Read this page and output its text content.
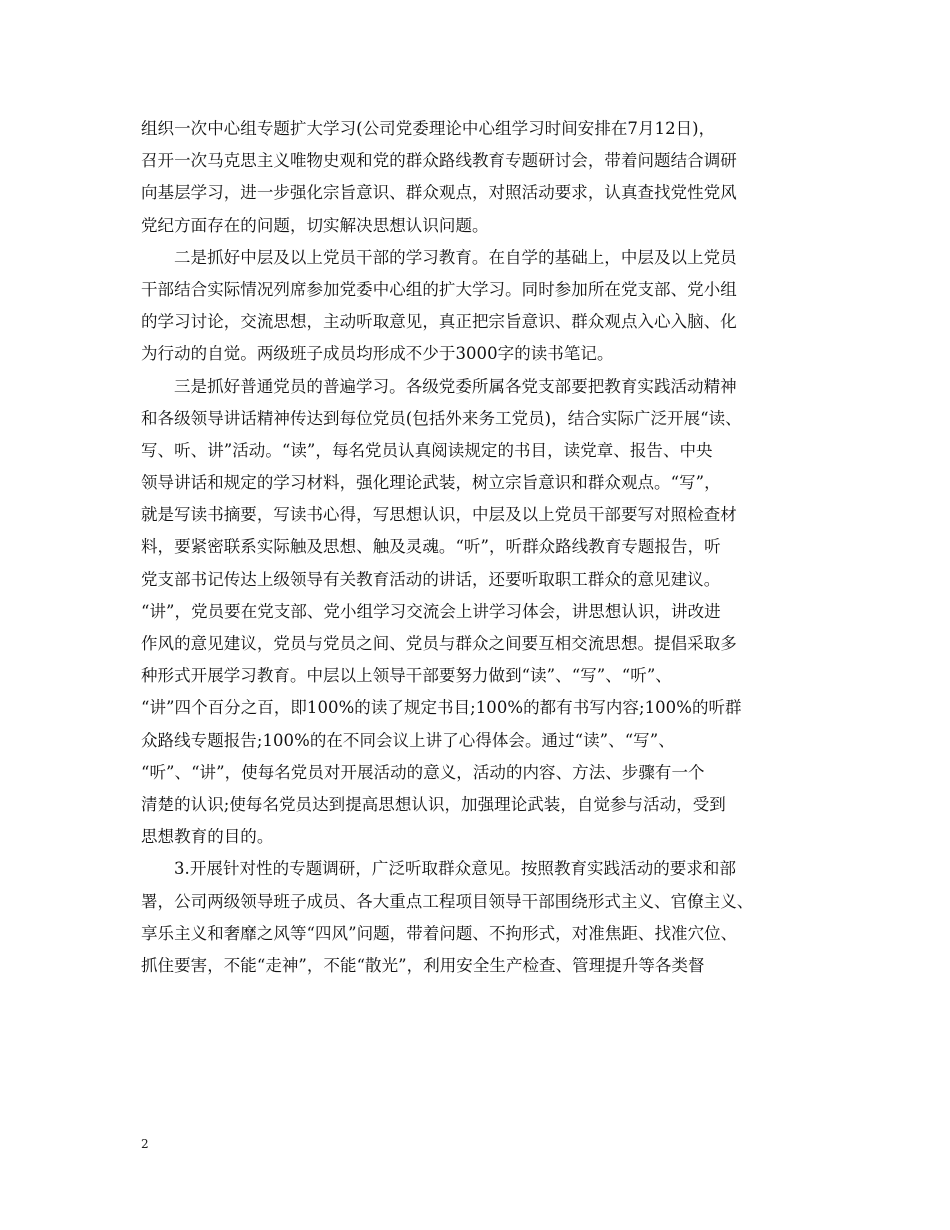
组织一次中心组专题扩大学习(公司党委理论中心组学习时间安排在7月12日)，
召开一次马克思主义唯物史观和党的群众路线教育专题研讨会，带着问题结合调研
向基层学习，进一步强化宗旨意识、群众观点，对照活动要求，认真查找党性党风
党纪方面存在的问题，切实解决思想认识问题。
二是抓好中层及以上党员干部的学习教育。在自学的基础上，中层及以上党员
干部结合实际情况列席参加党委中心组的扩大学习。同时参加所在党支部、党小组
的学习讨论，交流思想，主动听取意见，真正把宗旨意识、群众观点入心入脑、化
为行动的自觉。两级班子成员均形成不少于3000字的读书笔记。
三是抓好普通党员的普遍学习。各级党委所属各党支部要把教育实践活动精神
和各级领导讲话精神传达到每位党员(包括外来务工党员)，结合实际广泛开展“读、
写、听、讲”活动。“读”，每名党员认真阅读规定的书目，读党章、报告、中央
领导讲话和规定的学习材料，强化理论武装，树立宗旨意识和群众观点。“写”，
就是写读书摘要，写读书心得，写思想认识，中层及以上党员干部要写对照检查材
料，要紧密联系实际触及思想、触及灵魂。“听”，听群众路线教育专题报告，听
党支部书记传达上级领导有关教育活动的讲话，还要听取职工群众的意见建议。
“讲”，党员要在党支部、党小组学习交流会上讲学习体会，讲思想认识，讲改进
作风的意见建议，党员与党员之间、党员与群众之间要互相交流思想。提倡采取多
种形式开展学习教育。中层以上领导干部要努力做到“读”、“写”、“听”、
“讲”四个百分之百，即100%的读了规定书目;100%的都有书写内容;100%的听群
众路线专题报告;100%的在不同会议上讲了心得体会。通过“读”、“写”、
“听”、“讲”，使每名党员对开展活动的意义，活动的内容、方法、步骤有一个
清楚的认识;使每名党员达到提高思想认识，加强理论武装，自觉参与活动，受到
思想教育的目的。
3.开展针对性的专题调研，广泛听取群众意见。按照教育实践活动的要求和部
署，公司两级领导班子成员、各大重点工程项目领导干部围绕形式主义、官僚主义、
享乐主义和奢靡之风等“四风”问题，带着问题、不拘形式，对准焦距、找准穴位、
抓住要害，不能“走神”，不能“散光”，利用安全生产检查、管理提升等各类督
2
